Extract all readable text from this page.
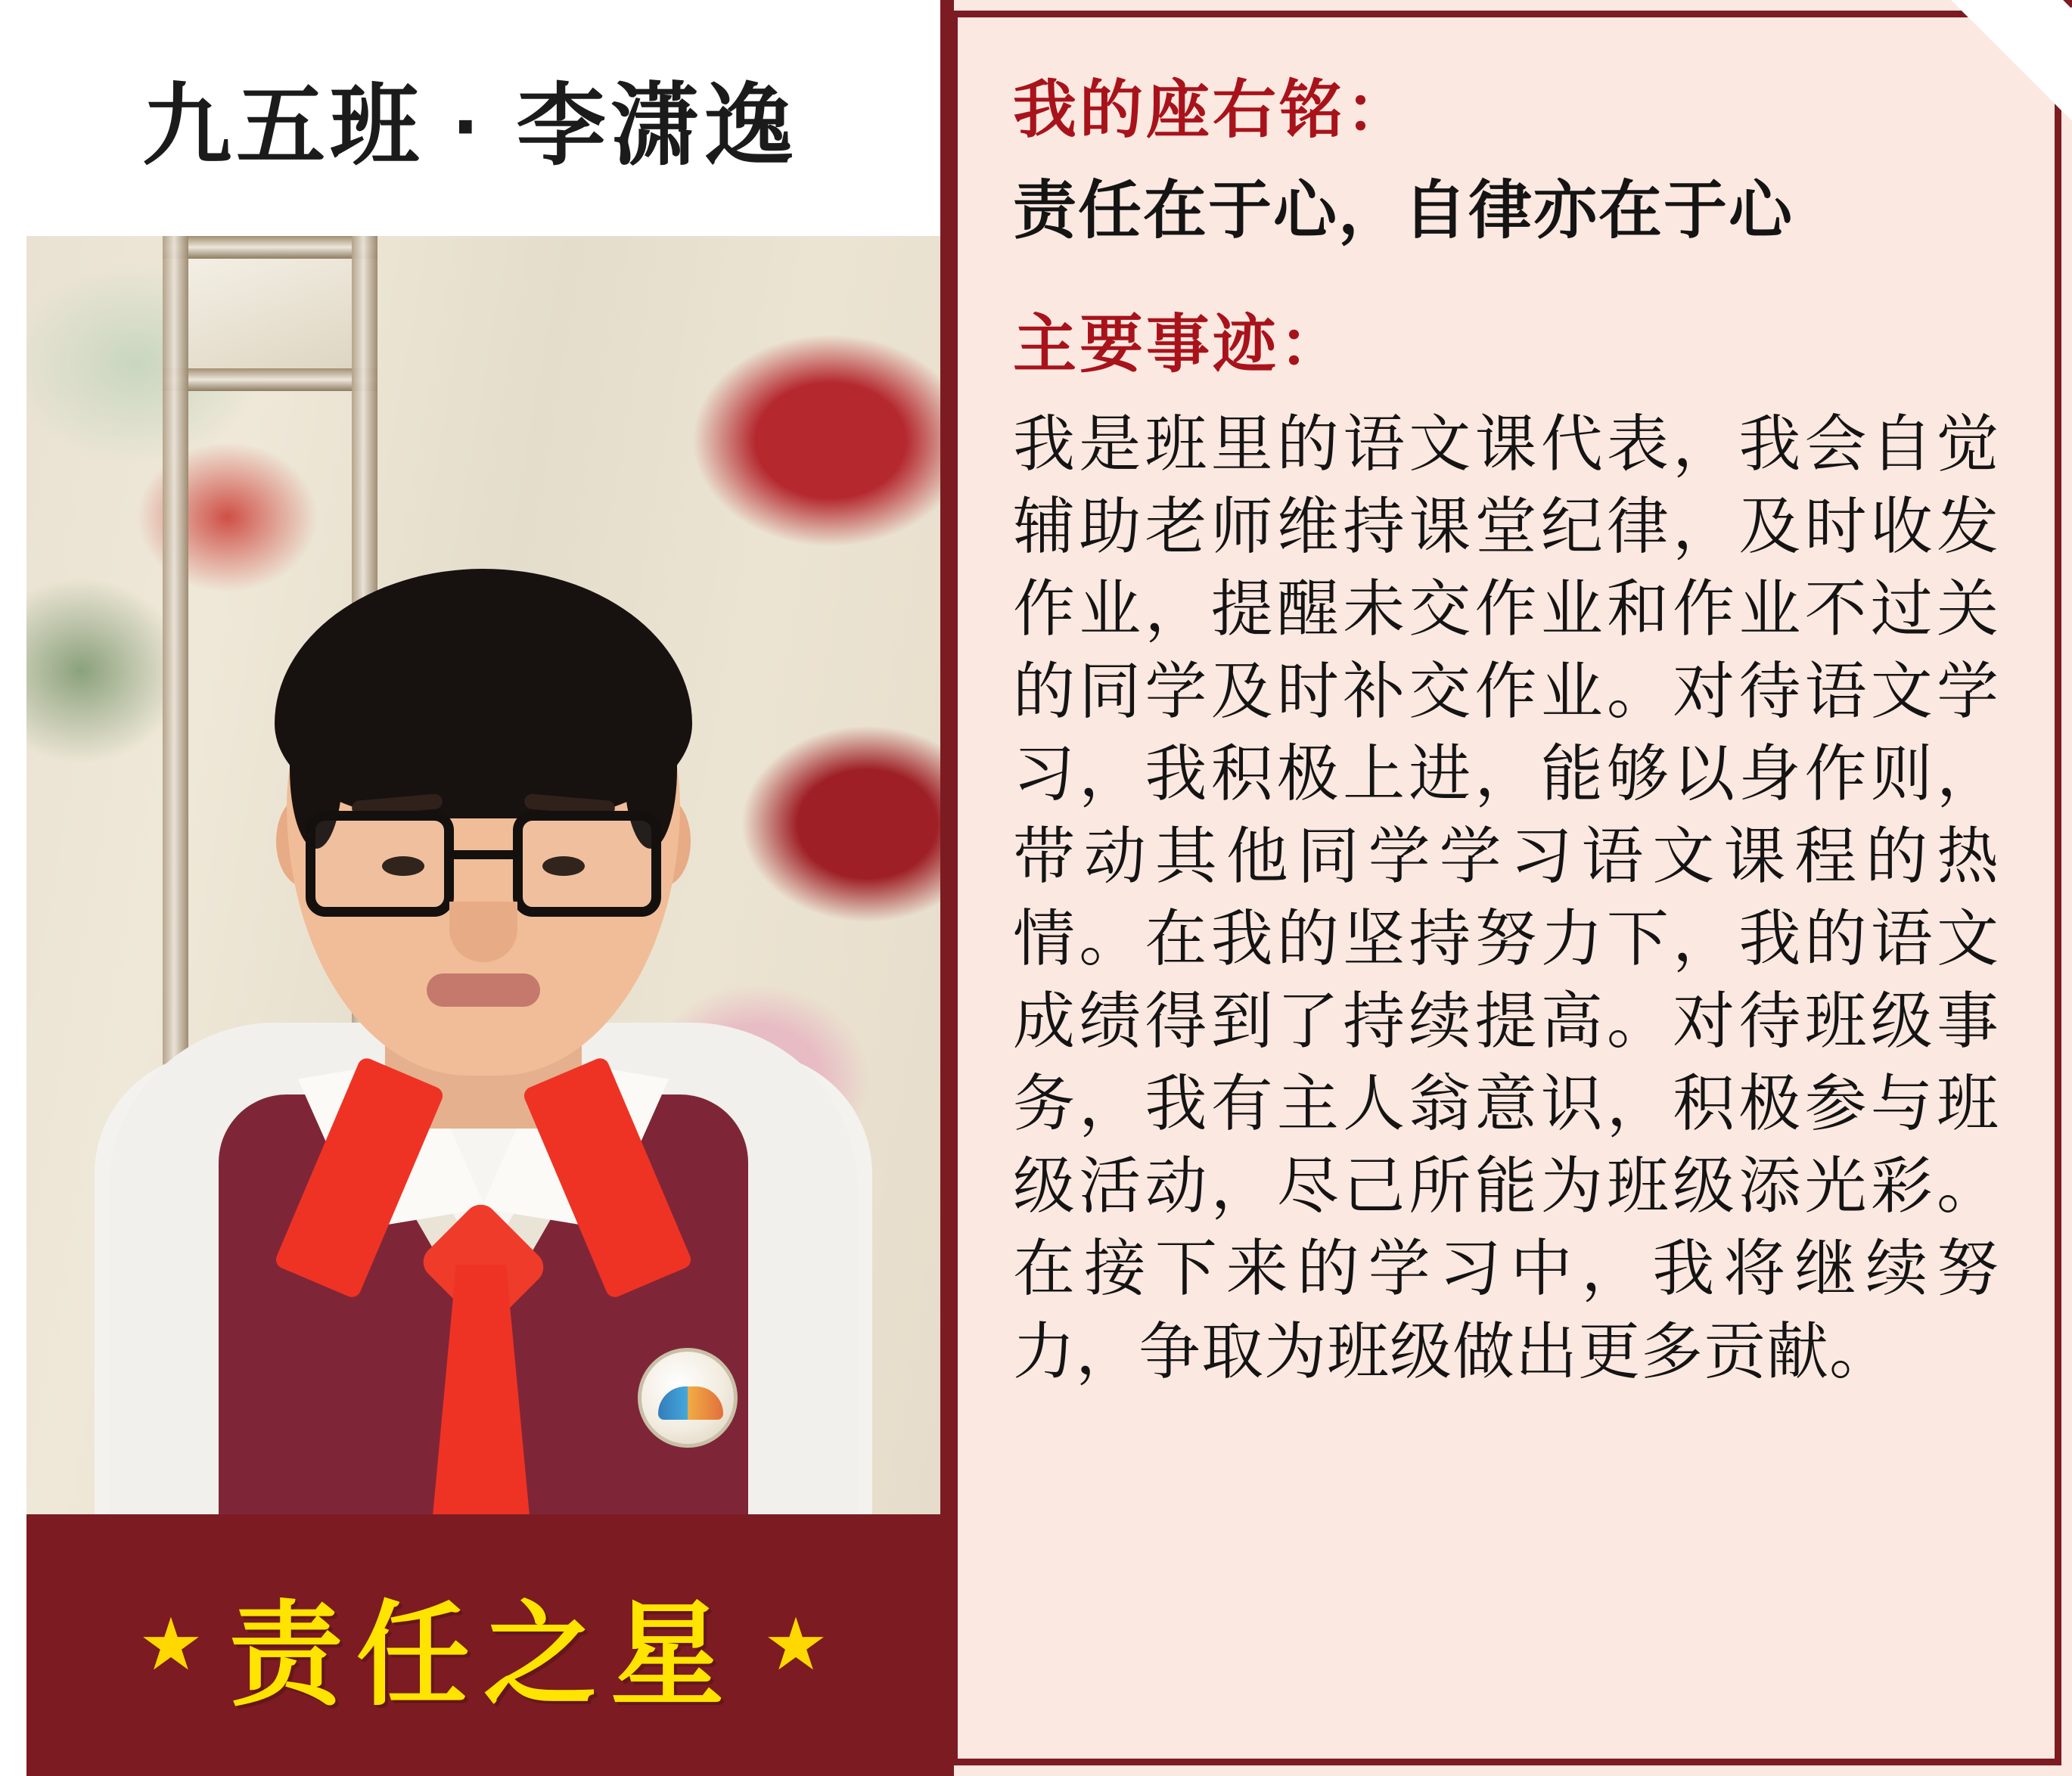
九五班 · 李潇逸
★ 责任之星 ★
我的座右铭：

责任在于心，自律亦在于心

主要事迹：

我是班里的语文课代表，我会自觉辅助老师维持课堂纪律，及时收发作业，提醒未交作业和作业不过关的同学及时补交作业。对待语文学习，我积极上进，能够以身作则，带动其他同学学习语文课程的热情。在我的坚持努力下，我的语文成绩得到了持续提高。对待班级事务，我有主人翁意识，积极参与班级活动，尽己所能为班级添光彩。在接下来的学习中，我将继续努力，争取为班级做出更多贡献。
